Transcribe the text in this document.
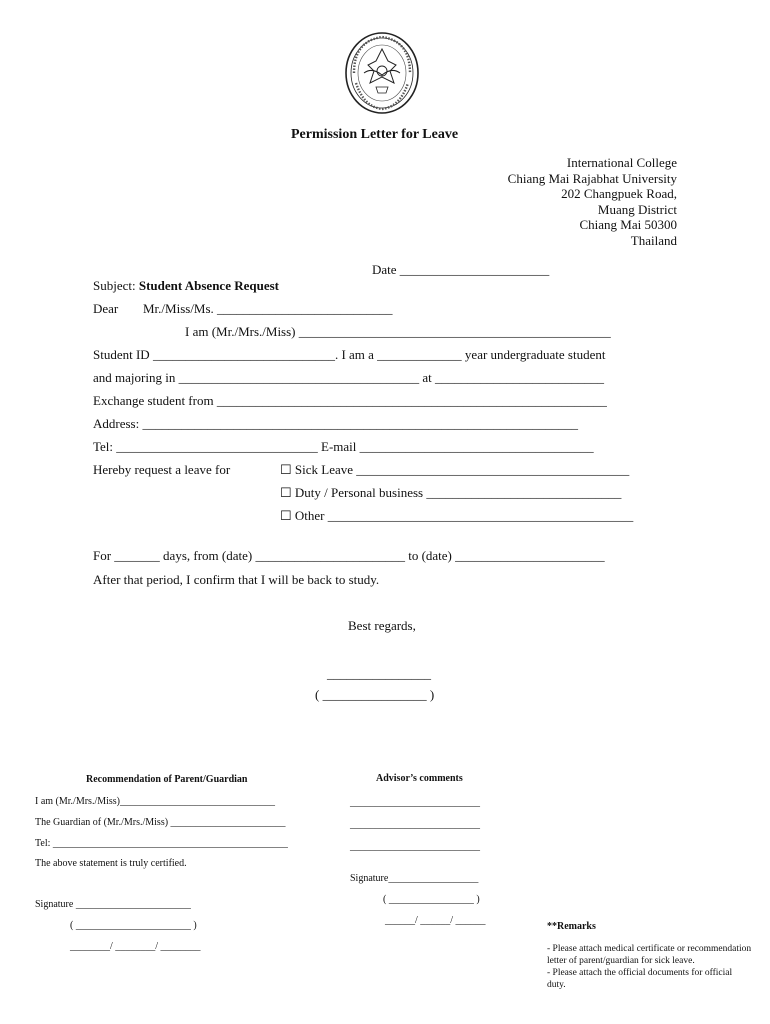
Permission Letter for Leave
International College
Chiang Mai Rajabhat University
202 Changpuek Road,
Muang District
Chiang Mai 50300
Thailand
Date _______________________
Subject: Student Absence Request
Dear Mr./Miss/Ms. ___________________________
I am (Mr./Mrs./Miss) ________________________________________________
Student ID ____________________________. I am a _____________ year undergraduate student
and majoring in _____________________________________ at __________________________
Exchange student from ____________________________________________________________
Address: ___________________________________________________________________
Tel: _______________________________ E-mail ____________________________________
Hereby request a leave for	☐ Sick Leave __________________________________________
☐ Duty / Personal business ______________________________
☐ Other _______________________________________________
For _______ days, from (date) _______________________ to (date) _______________________
After that period, I confirm that I will be back to study.
Best regards,
________________
( ________________ )
Recommendation of Parent/Guardian
I am (Mr./Mrs./Miss)_______________________________
The Guardian of (Mr./Mrs./Miss) _______________________
Tel: _______________________________________________
The above statement is truly certified.
Signature _______________________
( _______________________ )
________/ ________/ ________
Advisor’s comments
__________________________
__________________________
__________________________
Signature__________________
( _________________ )
______/ ______/ ______
**Remarks
- Please attach medical certificate or recommendation letter of parent/guardian for sick leave.
- Please attach the official documents for official duty.
